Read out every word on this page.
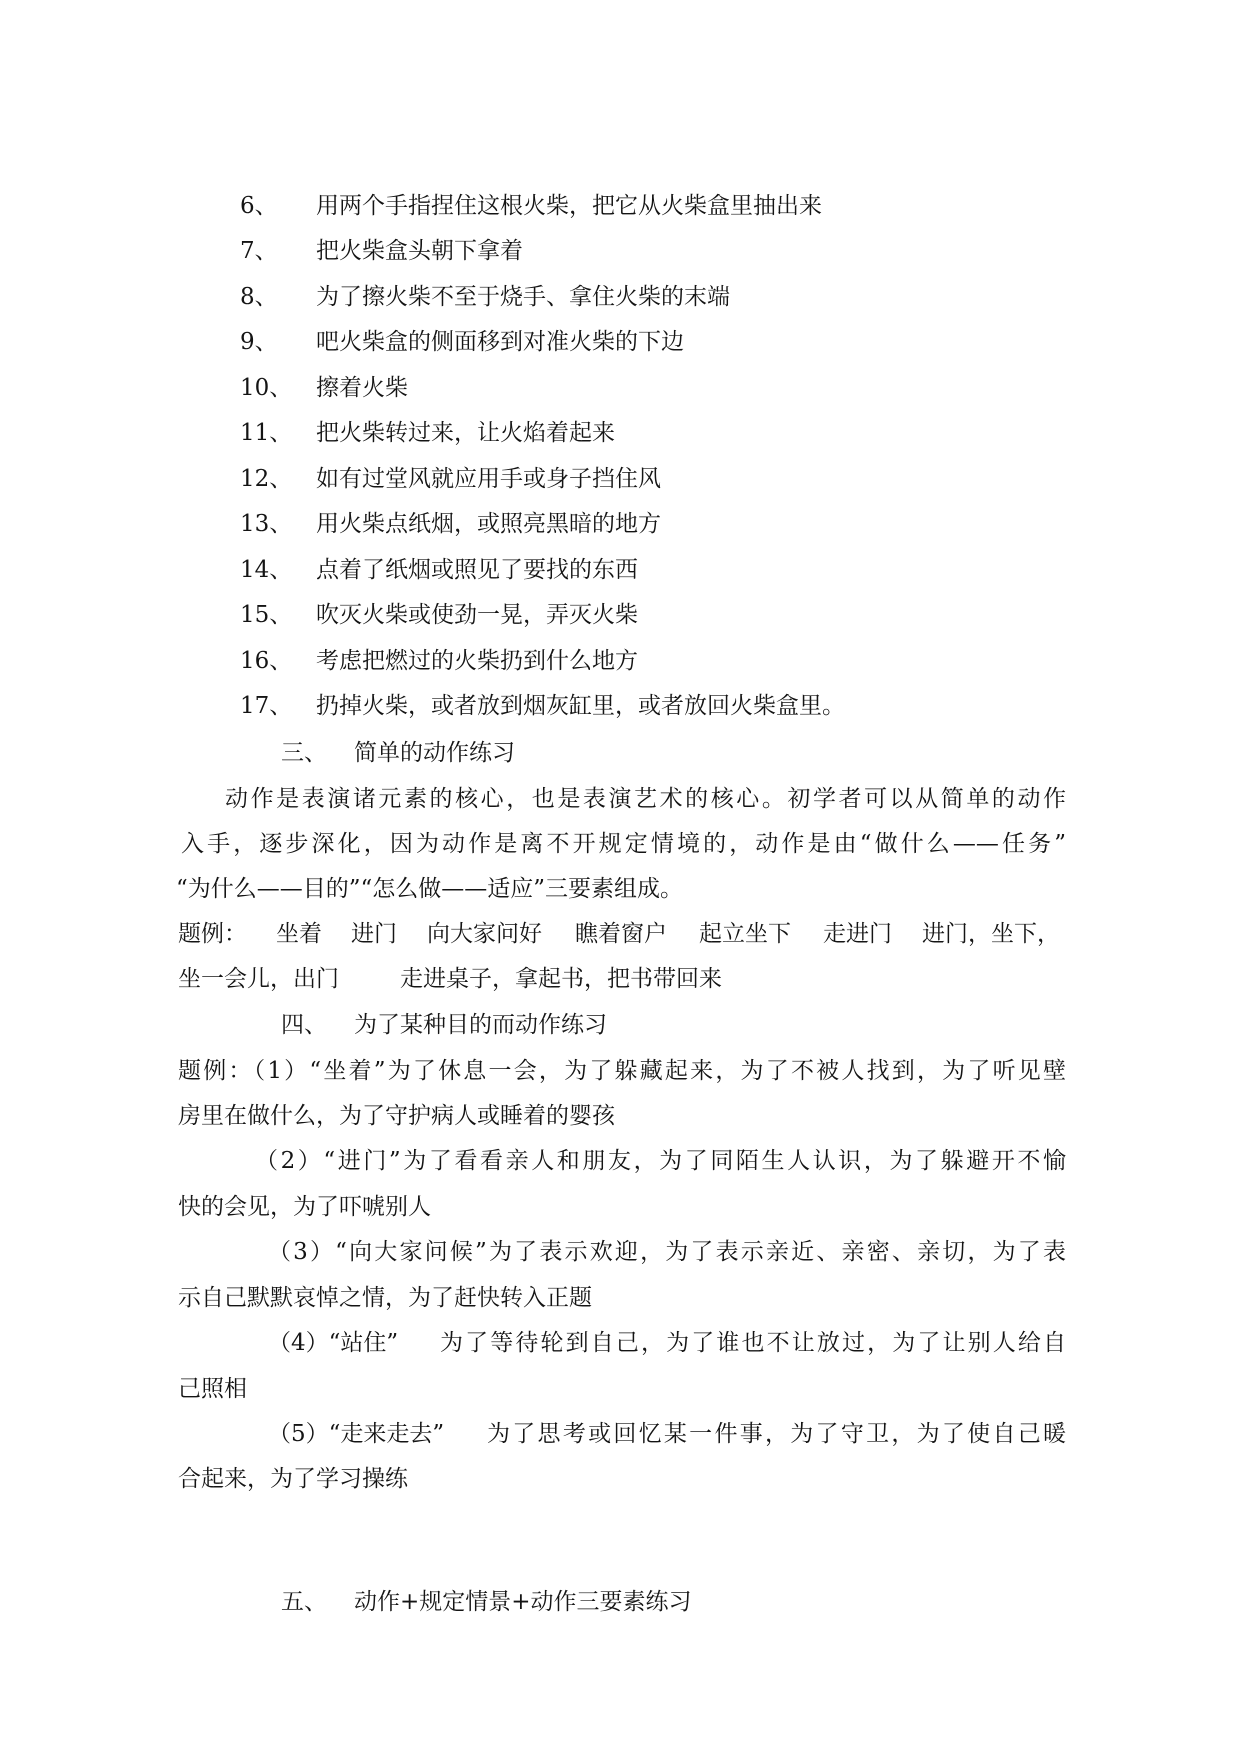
6、 用两个手指捏住这根火柴，把它从火柴盒里抽出来
7、 把火柴盒头朝下拿着
8、 为了擦火柴不至于烧手、拿住火柴的末端
9、 吧火柴盒的侧面移到对准火柴的下边
10、 擦着火柴
11、 把火柴转过来，让火焰着起来
12、 如有过堂风就应用手或身子挡住风
13、 用火柴点纸烟，或照亮黑暗的地方
14、 点着了纸烟或照见了要找的东西
15、 吹灭火柴或使劲一晃，弄灭火柴
16、 考虑把燃过的火柴扔到什么地方
17、 扔掉火柴，或者放到烟灰缸里，或者放回火柴盒里。
三、 简单的动作练习
动作是表演诸元素的核心，也是表演艺术的核心。初学者可以从简单的动作
入手，逐步深化，因为动作是离不开规定情境的，动作是由“做什么——任务”
“为什么——目的”“怎么做——适应”三要素组成。
题例： 坐着 进门 向大家问好 瞧着窗户 起立坐下 走进门 进门，坐下，
坐一会儿，出门	走进桌子，拿起书，把书带回来
四、 为了某种目的而动作练习
题例：（1）“坐着”为了休息一会，为了躲藏起来，为了不被人找到，为了听见壁
房里在做什么，为了守护病人或睡着的婴孩
（2）“进门”为了看看亲人和朋友，为了同陌生人认识，为了躲避开不愉
快的会见，为了吓唬别人
（3）“向大家问候”为了表示欢迎，为了表示亲近、亲密、亲切，为了表
示自己默默哀悼之情，为了赶快转入正题
（4）“站住” 为了等待轮到自己，为了谁也不让放过，为了让别人给自
己照相
（5）“走来走去” 为了思考或回忆某一件事，为了守卫，为了使自己暖
合起来，为了学习操练
五、 动作+规定情景+动作三要素练习
